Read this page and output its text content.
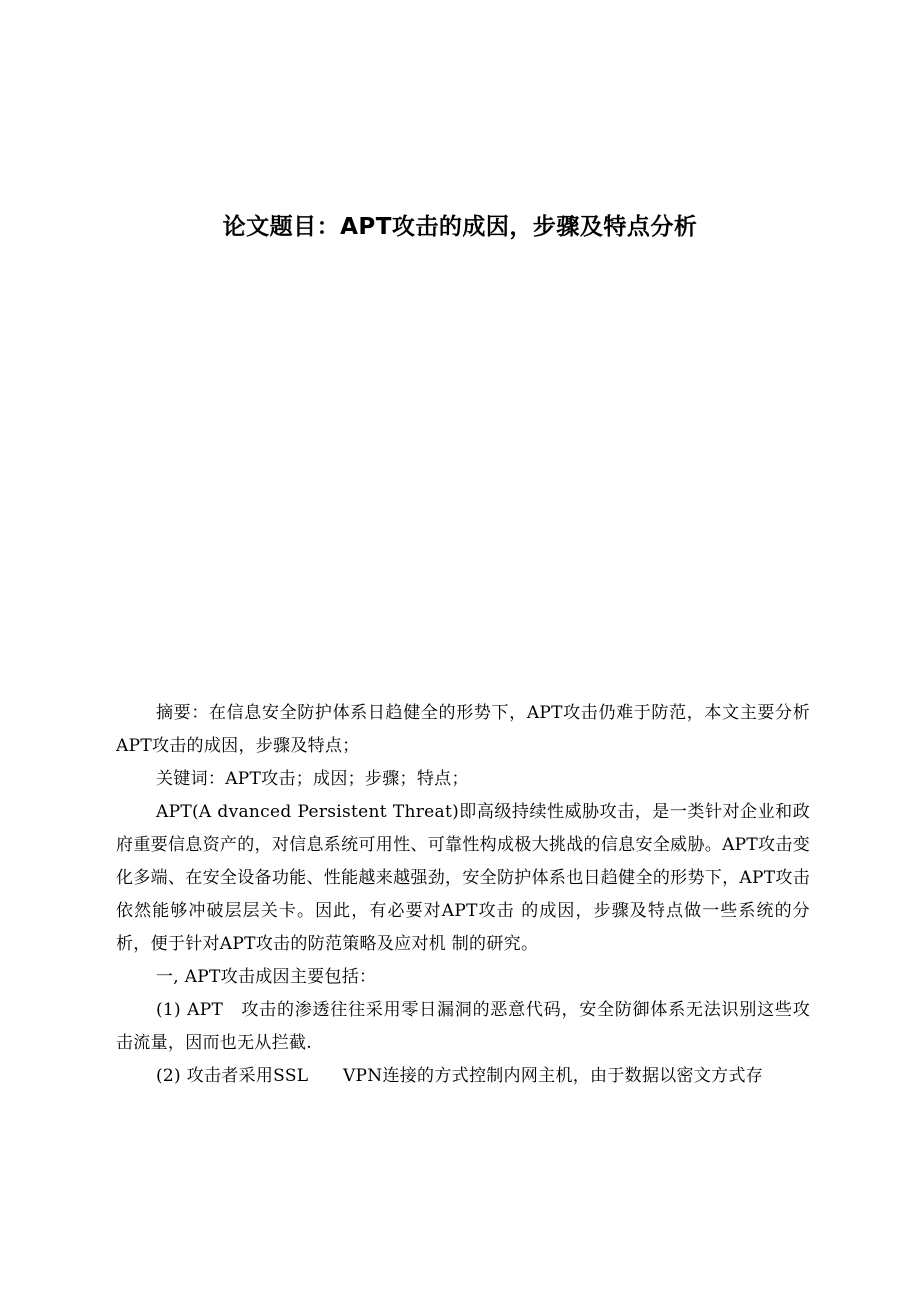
论文题目：APT攻击的成因，步骤及特点分析

摘要：在信息安全防护体系日趋健全的形势下，APT攻击仍难于防范，本文主要分析APT攻击的成因，步骤及特点；

关键词：APT攻击；成因；步骤；特点；

APT(A dvanced Persistent Threat)即高级持续性威胁攻击，是一类针对企业和政府重要信息资产的，对信息系统可用性、可靠性构成极大挑战的信息安全威胁。APT攻击变化多端、在安全设备功能、性能越来越强劲，安全防护体系也日趋健全的形势下，APT攻击依然能够冲破层层关卡。因此，有必要对APT攻击 的成因，步骤及特点做一些系统的分析，便于针对APT攻击的防范策略及应对机 制的研究。

一, APT攻击成因主要包括：

(1) APT　攻击的渗透往往采用零日漏洞的恶意代码，安全防御体系无法识别这些攻击流量，因而也无从拦截.

(2) 攻击者采用SSL　　VPN连接的方式控制内网主机，由于数据以密文方式存
